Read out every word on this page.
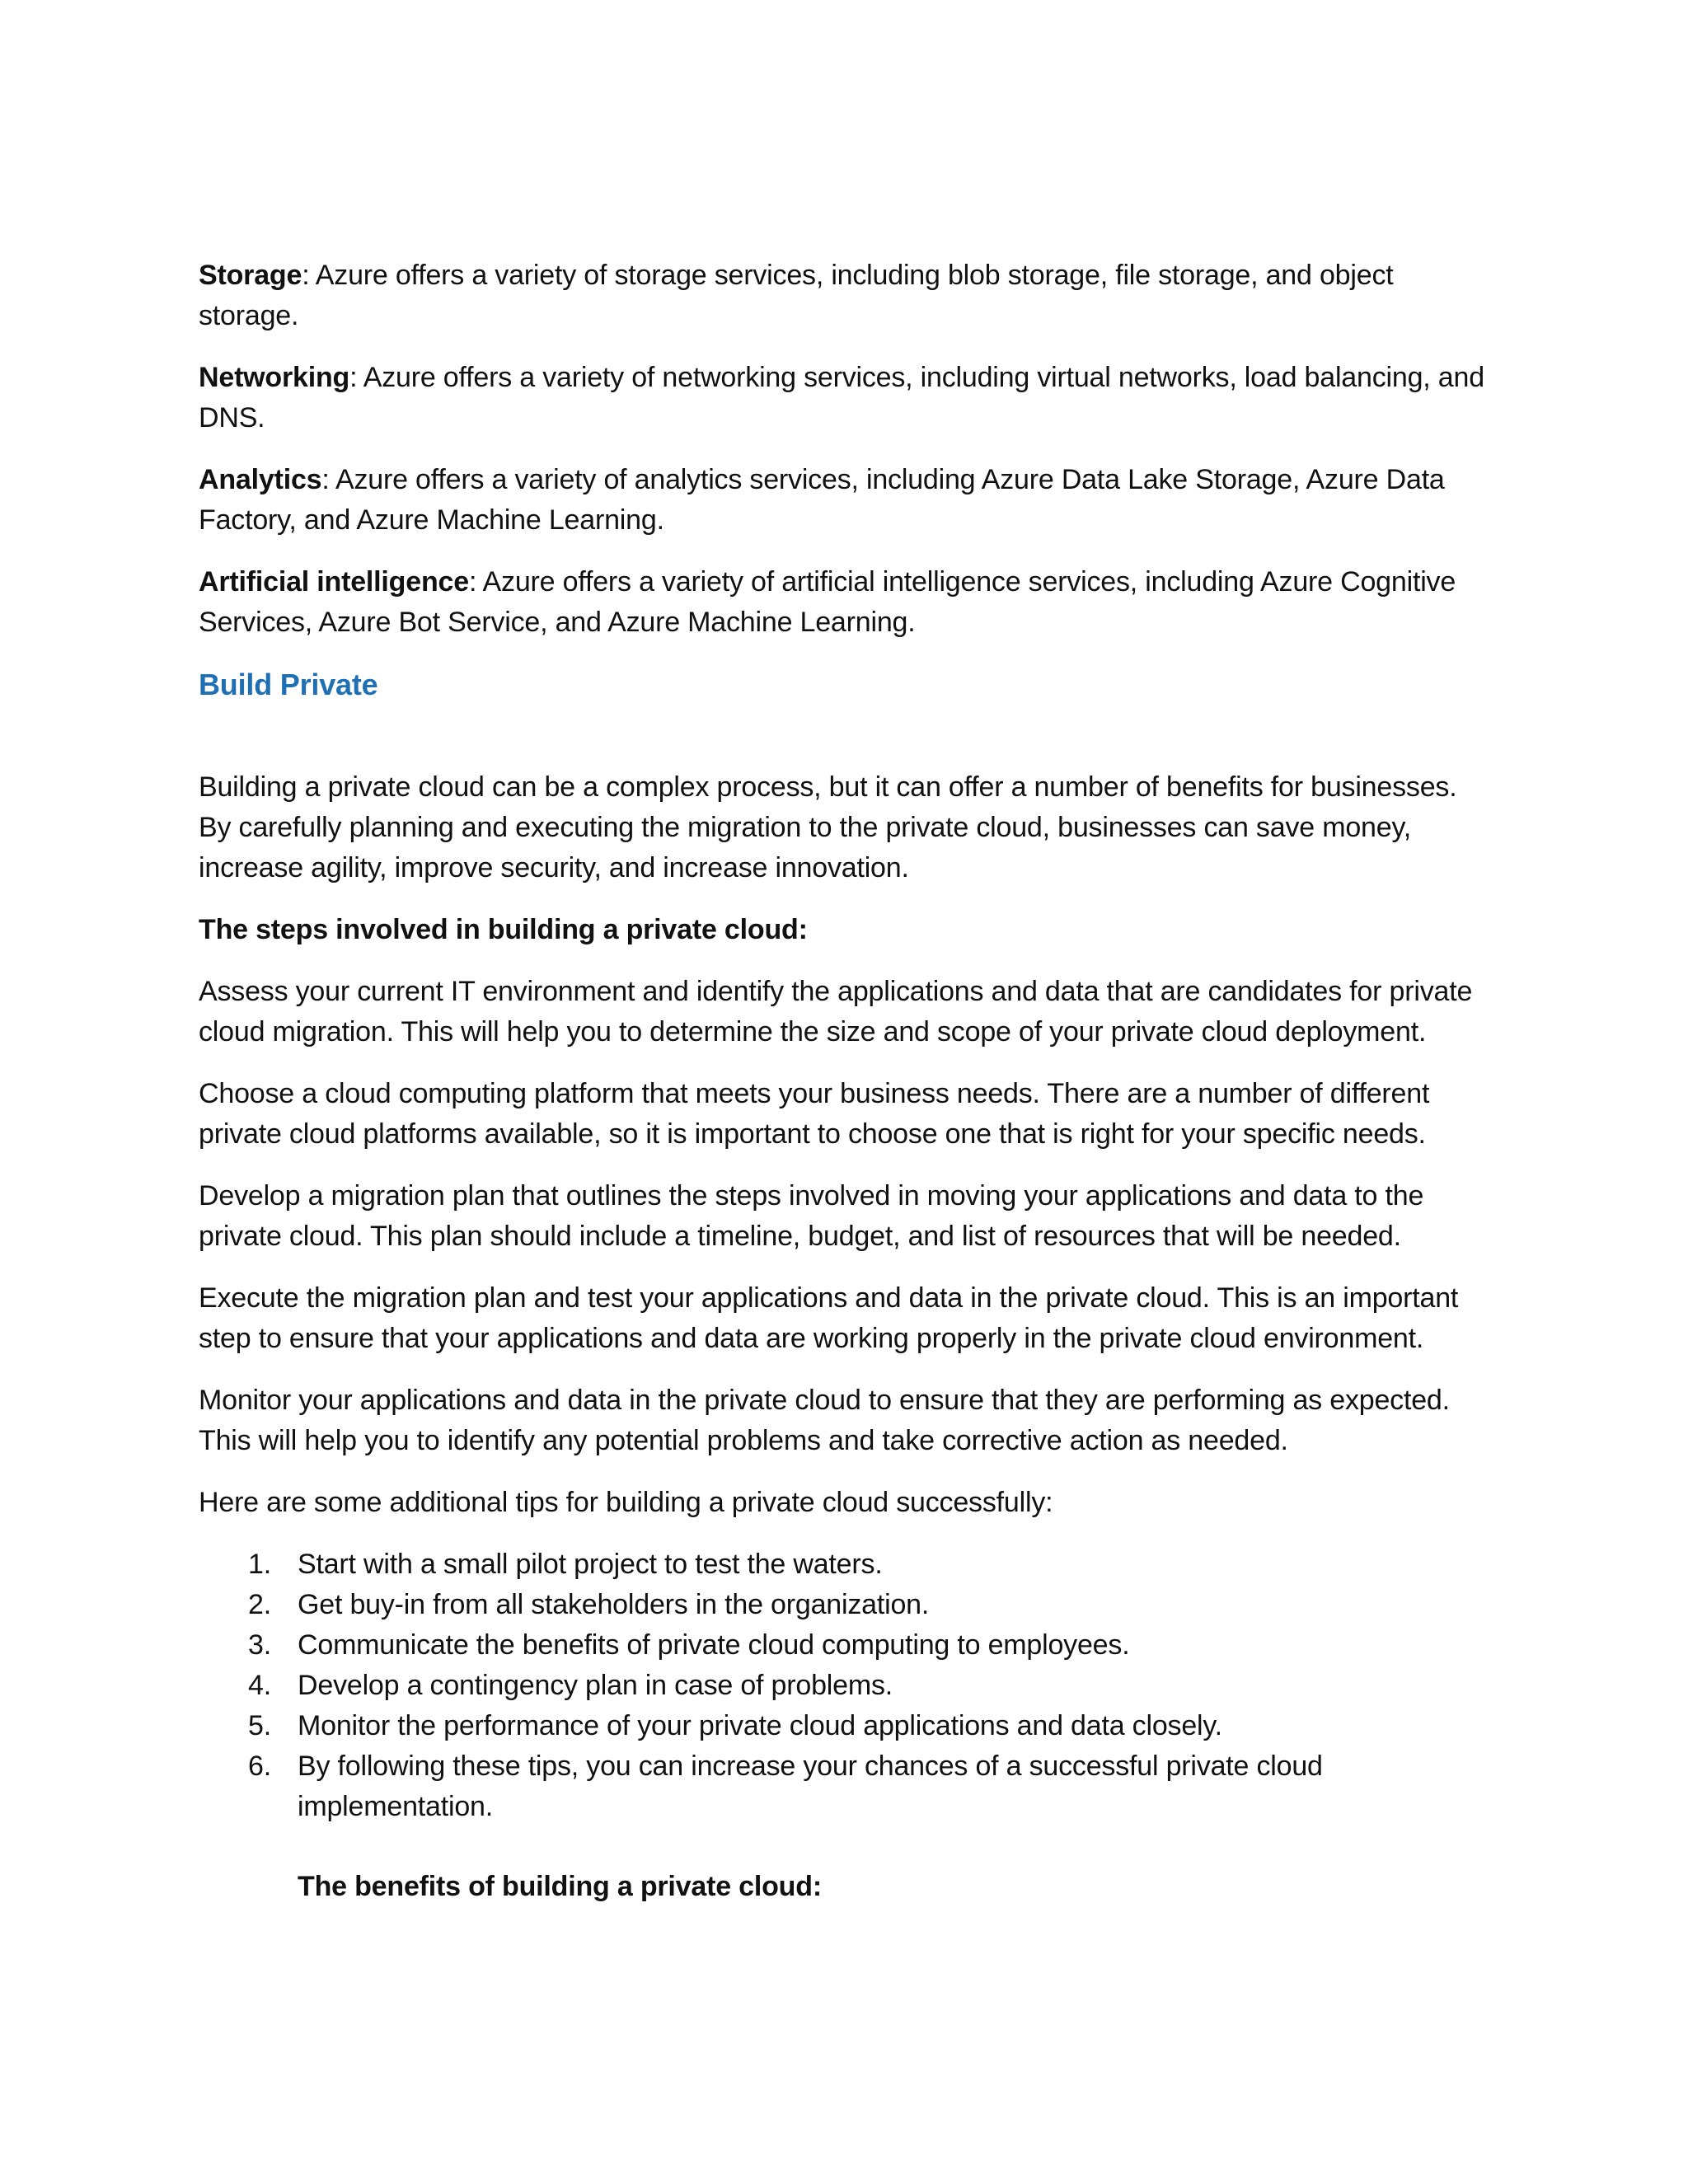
Storage: Azure offers a variety of storage services, including blob storage, file storage, and object storage.

Networking: Azure offers a variety of networking services, including virtual networks, load balancing, and DNS.

Analytics: Azure offers a variety of analytics services, including Azure Data Lake Storage, Azure Data Factory, and Azure Machine Learning.

Artificial intelligence: Azure offers a variety of artificial intelligence services, including Azure Cognitive Services, Azure Bot Service, and Azure Machine Learning.

Build Private

Building a private cloud can be a complex process, but it can offer a number of benefits for businesses. By carefully planning and executing the migration to the private cloud, businesses can save money, increase agility, improve security, and increase innovation.

The steps involved in building a private cloud:

Assess your current IT environment and identify the applications and data that are candidates for private cloud migration. This will help you to determine the size and scope of your private cloud deployment.

Choose a cloud computing platform that meets your business needs. There are a number of different private cloud platforms available, so it is important to choose one that is right for your specific needs.

Develop a migration plan that outlines the steps involved in moving your applications and data to the private cloud. This plan should include a timeline, budget, and list of resources that will be needed.

Execute the migration plan and test your applications and data in the private cloud. This is an important step to ensure that your applications and data are working properly in the private cloud environment.

Monitor your applications and data in the private cloud to ensure that they are performing as expected. This will help you to identify any potential problems and take corrective action as needed.

Here are some additional tips for building a private cloud successfully:

1. Start with a small pilot project to test the waters.
2. Get buy-in from all stakeholders in the organization.
3. Communicate the benefits of private cloud computing to employees.
4. Develop a contingency plan in case of problems.
5. Monitor the performance of your private cloud applications and data closely.
6. By following these tips, you can increase your chances of a successful private cloud implementation.
The benefits of building a private cloud:
